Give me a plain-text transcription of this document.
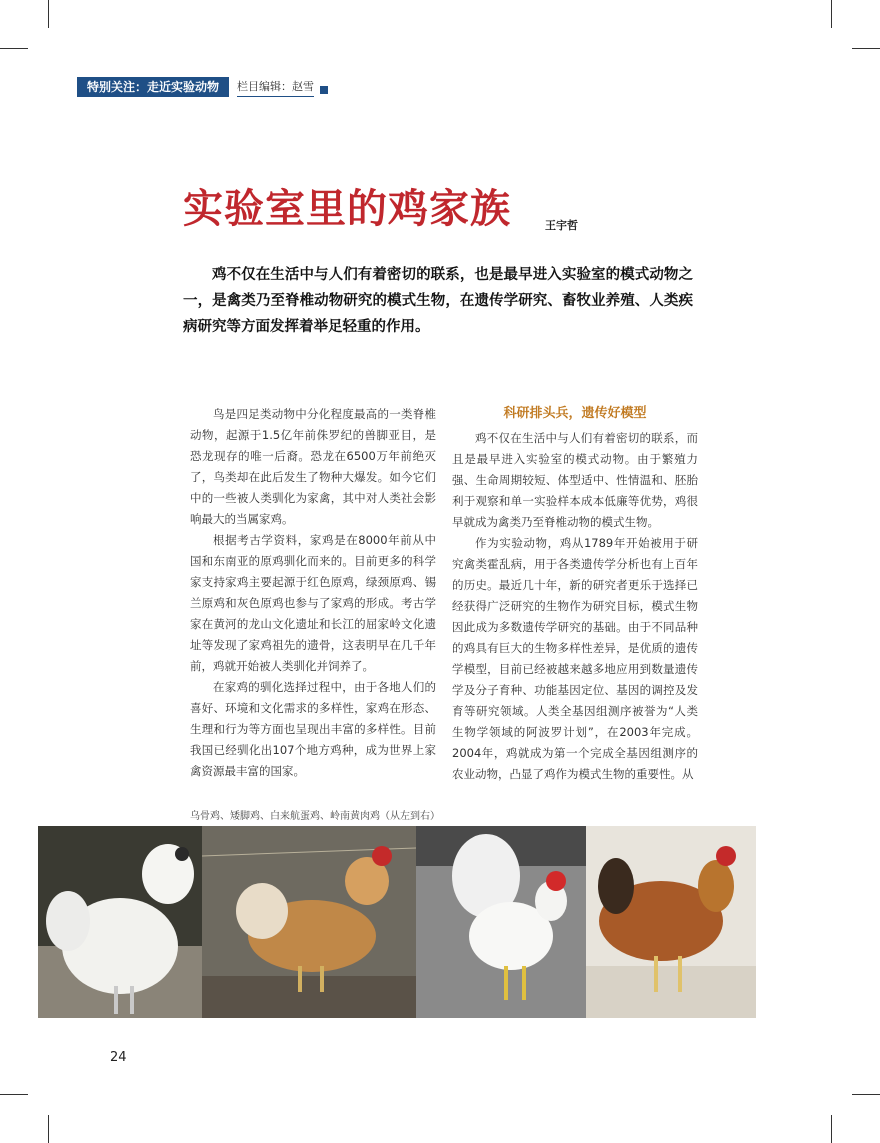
特别关注：走近实验动物	栏目编辑：赵雪
实验室里的鸡家族	王宇哲

鸡不仅在生活中与人们有着密切的联系，也是最早进入实验室的模式动物之一，是禽类乃至脊椎动物研究的模式生物，在遗传学研究、畜牧业养殖、人类疾病研究等方面发挥着举足轻重的作用。

鸟是四足类动物中分化程度最高的一类脊椎动物，起源于1.5亿年前侏罗纪的兽脚亚目，是恐龙现存的唯一后裔。恐龙在6500万年前绝灭了，鸟类却在此后发生了物种大爆发。如今它们中的一些被人类驯化为家禽，其中对人类社会影响最大的当属家鸡。

根据考古学资料，家鸡是在8000年前从中国和东南亚的原鸡驯化而来的。目前更多的科学家支持家鸡主要起源于红色原鸡，绿颈原鸡、锡兰原鸡和灰色原鸡也参与了家鸡的形成。考古学家在黄河的龙山文化遗址和长江的屈家岭文化遗址等发现了家鸡祖先的遗骨，这表明早在几千年前，鸡就开始被人类驯化并饲养了。

在家鸡的驯化选择过程中，由于各地人们的喜好、环境和文化需求的多样性，家鸡在形态、生理和行为等方面也呈现出丰富的多样性。目前我国已经驯化出107个地方鸡种，成为世界上家禽资源最丰富的国家。

科研排头兵，遗传好模型

鸡不仅在生活中与人们有着密切的联系，而且是最早进入实验室的模式动物。由于繁殖力强、生命周期较短、体型适中、性情温和、胚胎利于观察和单一实验样本成本低廉等优势，鸡很早就成为禽类乃至脊椎动物的模式生物。

作为实验动物，鸡从1789年开始被用于研究禽类霍乱病，用于各类遗传学分析也有上百年的历史。最近几十年，新的研究者更乐于选择已经获得广泛研究的生物作为研究目标，模式生物因此成为多数遗传学研究的基础。由于不同品种的鸡具有巨大的生物多样性差异，是优质的遗传学模型，目前已经被越来越多地应用到数量遗传学及分子育种、功能基因定位、基因的调控及发育等研究领域。人类全基因组测序被誉为“人类生物学领域的阿波罗计划”，在2003年完成。2004年，鸡就成为第一个完成全基因组测序的农业动物，凸显了鸡作为模式生物的重要性。从

乌骨鸡、矮脚鸡、白来航蛋鸡、岭南黄肉鸡（从左到右）
24
